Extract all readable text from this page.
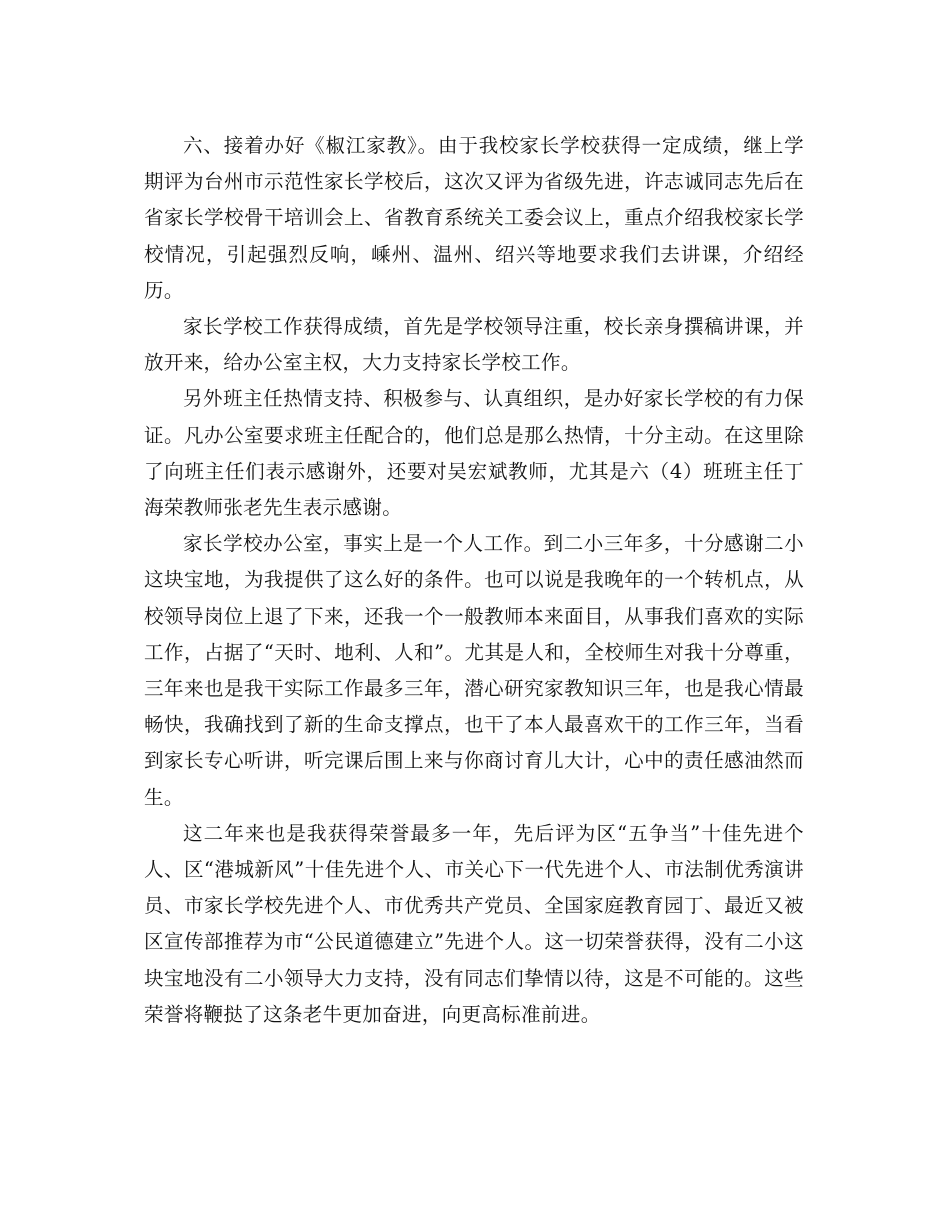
六、接着办好《椒江家教》。由于我校家长学校获得一定成绩，继上学期评为台州市示范性家长学校后，这次又评为省级先进，许志诚同志先后在省家长学校骨干培训会上、省教育系统关工委会议上，重点介绍我校家长学校情况，引起强烈反响，嵊州、温州、绍兴等地要求我们去讲课，介绍经历。

家长学校工作获得成绩，首先是学校领导注重，校长亲身撰稿讲课，并放开来，给办公室主权，大力支持家长学校工作。

另外班主任热情支持、积极参与、认真组织，是办好家长学校的有力保证。凡办公室要求班主任配合的，他们总是那么热情，十分主动。在这里除了向班主任们表示感谢外，还要对吴宏斌教师，尤其是六（4）班班主任丁海荣教师张老先生表示感谢。

家长学校办公室，事实上是一个人工作。到二小三年多，十分感谢二小这块宝地，为我提供了这么好的条件。也可以说是我晚年的一个转机点，从校领导岗位上退了下来，还我一个一般教师本来面目，从事我们喜欢的实际工作，占据了“天时、地利、人和”。尤其是人和，全校师生对我十分尊重，三年来也是我干实际工作最多三年，潜心研究家教知识三年，也是我心情最畅快，我确找到了新的生命支撑点，也干了本人最喜欢干的工作三年，当看到家长专心听讲，听完课后围上来与你商讨育儿大计，心中的责任感油然而生。

这二年来也是我获得荣誉最多一年，先后评为区“五争当”十佳先进个人、区“港城新风”十佳先进个人、市关心下一代先进个人、市法制优秀演讲员、市家长学校先进个人、市优秀共产党员、全国家庭教育园丁、最近又被区宣传部推荐为市“公民道德建立”先进个人。这一切荣誉获得，没有二小这块宝地没有二小领导大力支持，没有同志们挚情以待，这是不可能的。这些荣誉将鞭挞了这条老牛更加奋进，向更高标准前进。
